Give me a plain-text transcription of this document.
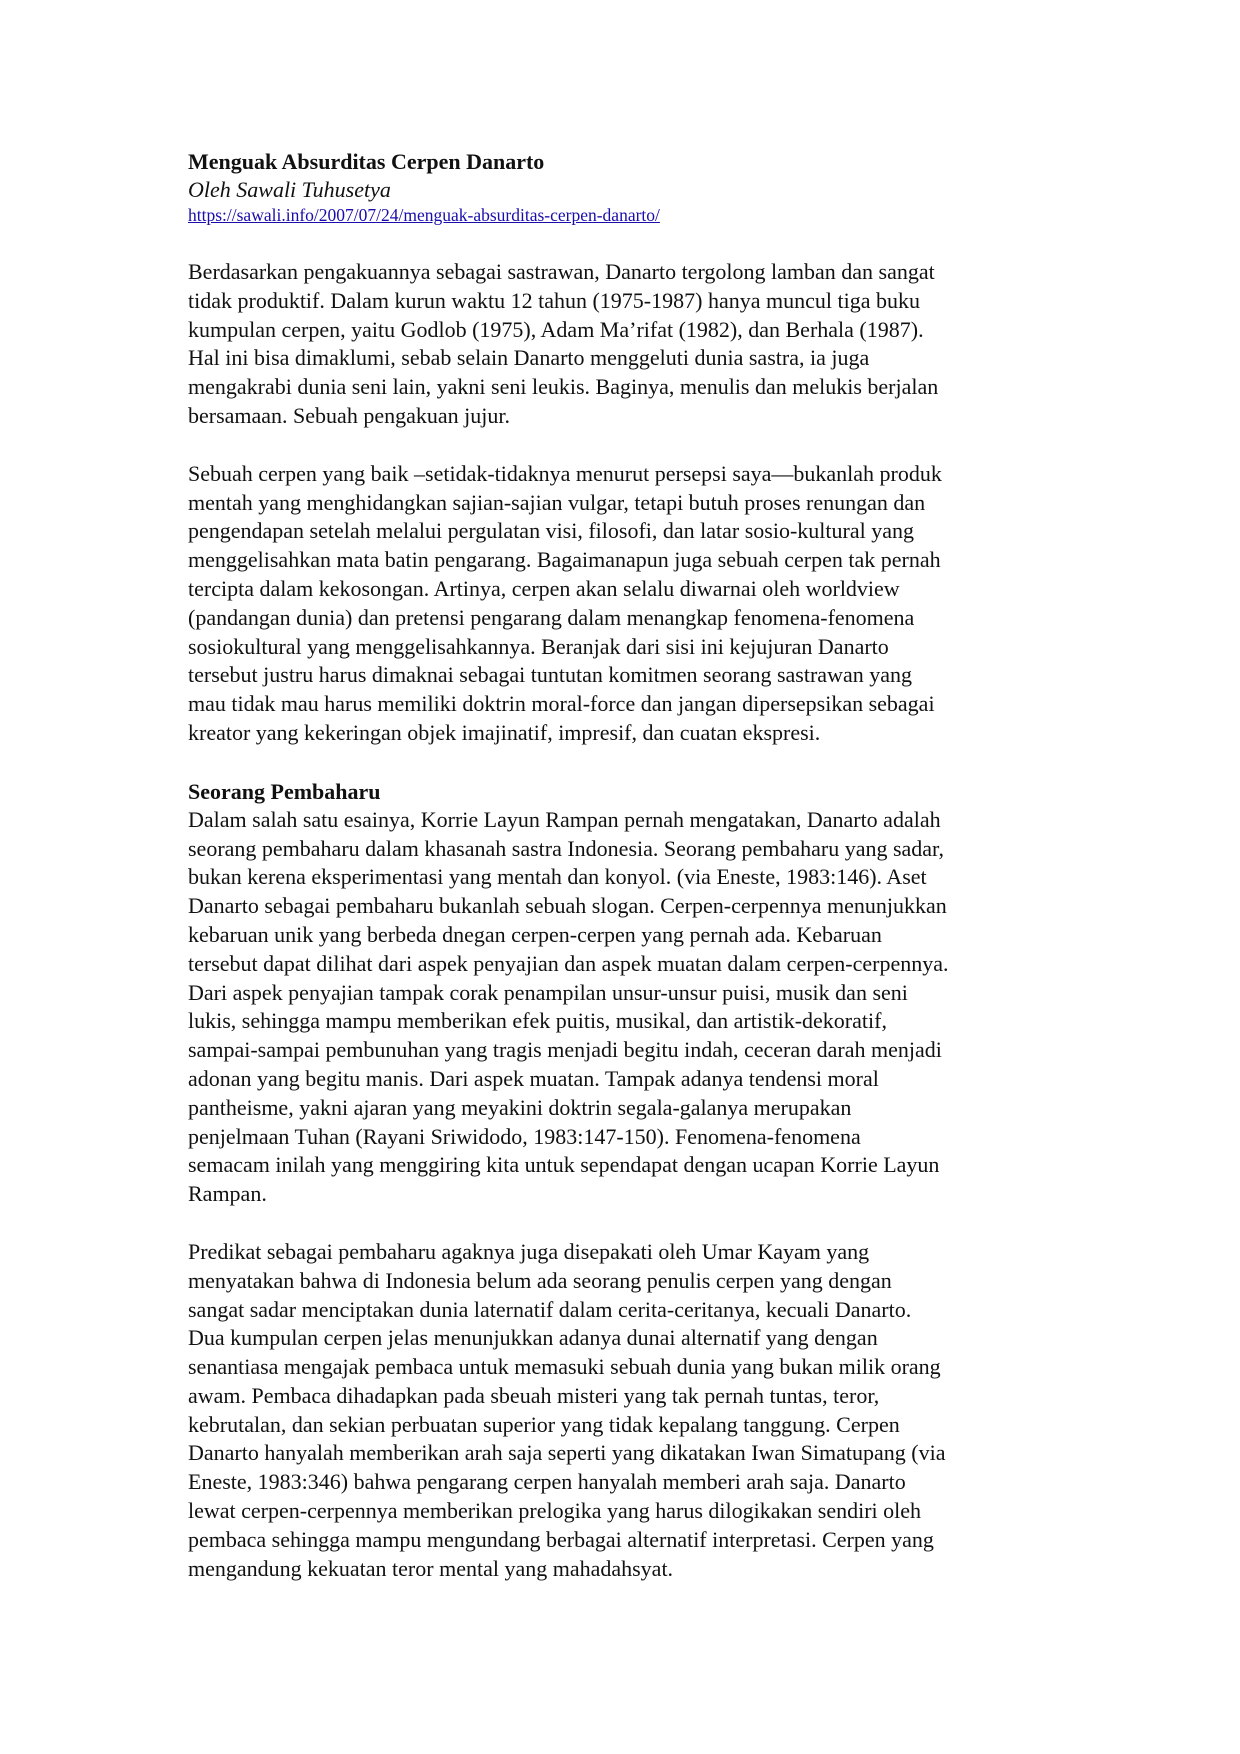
Menguak Absurditas Cerpen Danarto
Oleh Sawali Tuhusetya
https://sawali.info/2007/07/24/menguak-absurditas-cerpen-danarto/

Berdasarkan pengakuannya sebagai sastrawan, Danarto tergolong lamban dan sangat
tidak produktif. Dalam kurun waktu 12 tahun (1975-1987) hanya muncul tiga buku
kumpulan cerpen, yaitu Godlob (1975), Adam Ma’rifat (1982), dan Berhala (1987).
Hal ini bisa dimaklumi, sebab selain Danarto menggeluti dunia sastra, ia juga
mengakrabi dunia seni lain, yakni seni leukis. Baginya, menulis dan melukis berjalan
bersamaan. Sebuah pengakuan jujur.

Sebuah cerpen yang baik –setidak-tidaknya menurut persepsi saya—bukanlah produk
mentah yang menghidangkan sajian-sajian vulgar, tetapi butuh proses renungan dan
pengendapan setelah melalui pergulatan visi, filosofi, dan latar sosio-kultural yang
menggelisahkan mata batin pengarang. Bagaimanapun juga sebuah cerpen tak pernah
tercipta dalam kekosongan. Artinya, cerpen akan selalu diwarnai oleh worldview
(pandangan dunia) dan pretensi pengarang dalam menangkap fenomena-fenomena
sosiokultural yang menggelisahkannya. Beranjak dari sisi ini kejujuran Danarto
tersebut justru harus dimaknai sebagai tuntutan komitmen seorang sastrawan yang
mau tidak mau harus memiliki doktrin moral-force dan jangan dipersepsikan sebagai
kreator yang kekeringan objek imajinatif, impresif, dan cuatan ekspresi.

Seorang Pembaharu

Dalam salah satu esainya, Korrie Layun Rampan pernah mengatakan, Danarto adalah
seorang pembaharu dalam khasanah sastra Indonesia. Seorang pembaharu yang sadar,
bukan kerena eksperimentasi yang mentah dan konyol. (via Eneste, 1983:146). Aset
Danarto sebagai pembaharu bukanlah sebuah slogan. Cerpen-cerpennya menunjukkan
kebaruan unik yang berbeda dnegan cerpen-cerpen yang pernah ada. Kebaruan
tersebut dapat dilihat dari aspek penyajian dan aspek muatan dalam cerpen-cerpennya.
Dari aspek penyajian tampak corak penampilan unsur-unsur puisi, musik dan seni
lukis, sehingga mampu memberikan efek puitis, musikal, dan artistik-dekoratif,
sampai-sampai pembunuhan yang tragis menjadi begitu indah, ceceran darah menjadi
adonan yang begitu manis. Dari aspek muatan. Tampak adanya tendensi moral
pantheisme, yakni ajaran yang meyakini doktrin segala-galanya merupakan
penjelmaan Tuhan (Rayani Sriwidodo, 1983:147-150). Fenomena-fenomena
semacam inilah yang menggiring kita untuk sependapat dengan ucapan Korrie Layun
Rampan.

Predikat sebagai pembaharu agaknya juga disepakati oleh Umar Kayam yang
menyatakan bahwa di Indonesia belum ada seorang penulis cerpen yang dengan
sangat sadar menciptakan dunia laternatif dalam cerita-ceritanya, kecuali Danarto.
Dua kumpulan cerpen jelas menunjukkan adanya dunai alternatif yang dengan
senantiasa mengajak pembaca untuk memasuki sebuah dunia yang bukan milik orang
awam. Pembaca dihadapkan pada sbeuah misteri yang tak pernah tuntas, teror,
kebrutalan, dan sekian perbuatan superior yang tidak kepalang tanggung. Cerpen
Danarto hanyalah memberikan arah saja seperti yang dikatakan Iwan Simatupang (via
Eneste, 1983:346) bahwa pengarang cerpen hanyalah memberi arah saja. Danarto
lewat cerpen-cerpennya memberikan prelogika yang harus dilogikakan sendiri oleh
pembaca sehingga mampu mengundang berbagai alternatif interpretasi. Cerpen yang
mengandung kekuatan teror mental yang mahadahsyat.
